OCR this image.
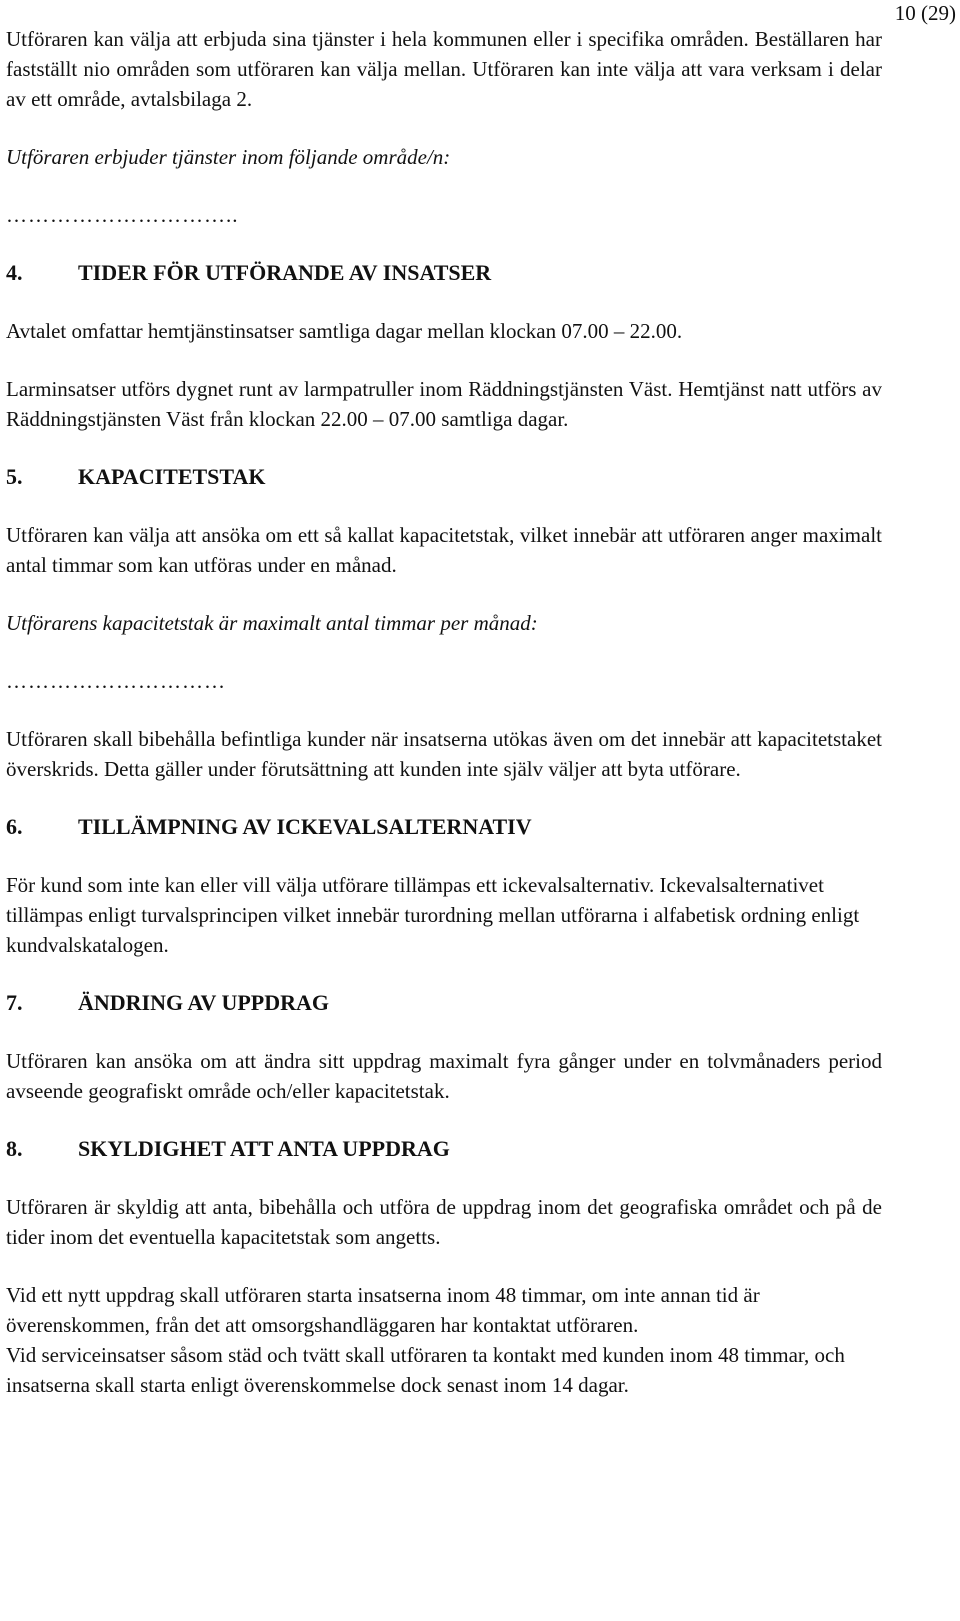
10 (29)

Utföraren kan välja att erbjuda sina tjänster i hela kommunen eller i specifika områden. Beställaren har fastställt nio områden som utföraren kan välja mellan. Utföraren kan inte välja att vara verksam i delar av ett område, avtalsbilaga 2.

Utföraren erbjuder tjänster inom följande område/n:

…………………………..

4.	TIDER FÖR UTFÖRANDE AV INSATSER

Avtalet omfattar hemtjänstinsatser samtliga dagar mellan klockan 07.00 – 22.00.

Larminsatser utförs dygnet runt av larmpatruller inom Räddningstjänsten Väst. Hemtjänst natt utförs av Räddningstjänsten Väst från klockan 22.00 – 07.00 samtliga dagar.

5.	KAPACITETSTAK

Utföraren kan välja att ansöka om ett så kallat kapacitetstak, vilket innebär att utföraren anger maximalt antal timmar som kan utföras under en månad.

Utförarens kapacitetstak är maximalt antal timmar per månad:

…………………………

Utföraren skall bibehålla befintliga kunder när insatserna utökas även om det innebär att kapacitetstaket överskrids. Detta gäller under förutsättning att kunden inte själv väljer att byta utförare.

6.	TILLÄMPNING AV ICKEVALSALTERNATIV

För kund som inte kan eller vill välja utförare tillämpas ett ickevalsalternativ. Ickevalsalternativet tillämpas enligt turvalsprincipen vilket innebär turordning mellan utförarna i alfabetisk ordning enligt kundvalskatalogen.

7.	ÄNDRING AV UPPDRAG

Utföraren kan ansöka om att ändra sitt uppdrag maximalt fyra gånger under en tolvmånaders period avseende geografiskt område och/eller kapacitetstak.

8.	SKYLDIGHET ATT ANTA UPPDRAG

Utföraren är skyldig att anta, bibehålla och utföra de uppdrag inom det geografiska området och på de tider inom det eventuella kapacitetstak som angetts.

Vid ett nytt uppdrag skall utföraren starta insatserna inom 48 timmar, om inte annan tid är överenskommen, från det att omsorgshandläggaren har kontaktat utföraren.

Vid serviceinsatser såsom städ och tvätt skall utföraren ta kontakt med kunden inom 48 timmar, och insatserna skall starta enligt överenskommelse dock senast inom 14 dagar.
